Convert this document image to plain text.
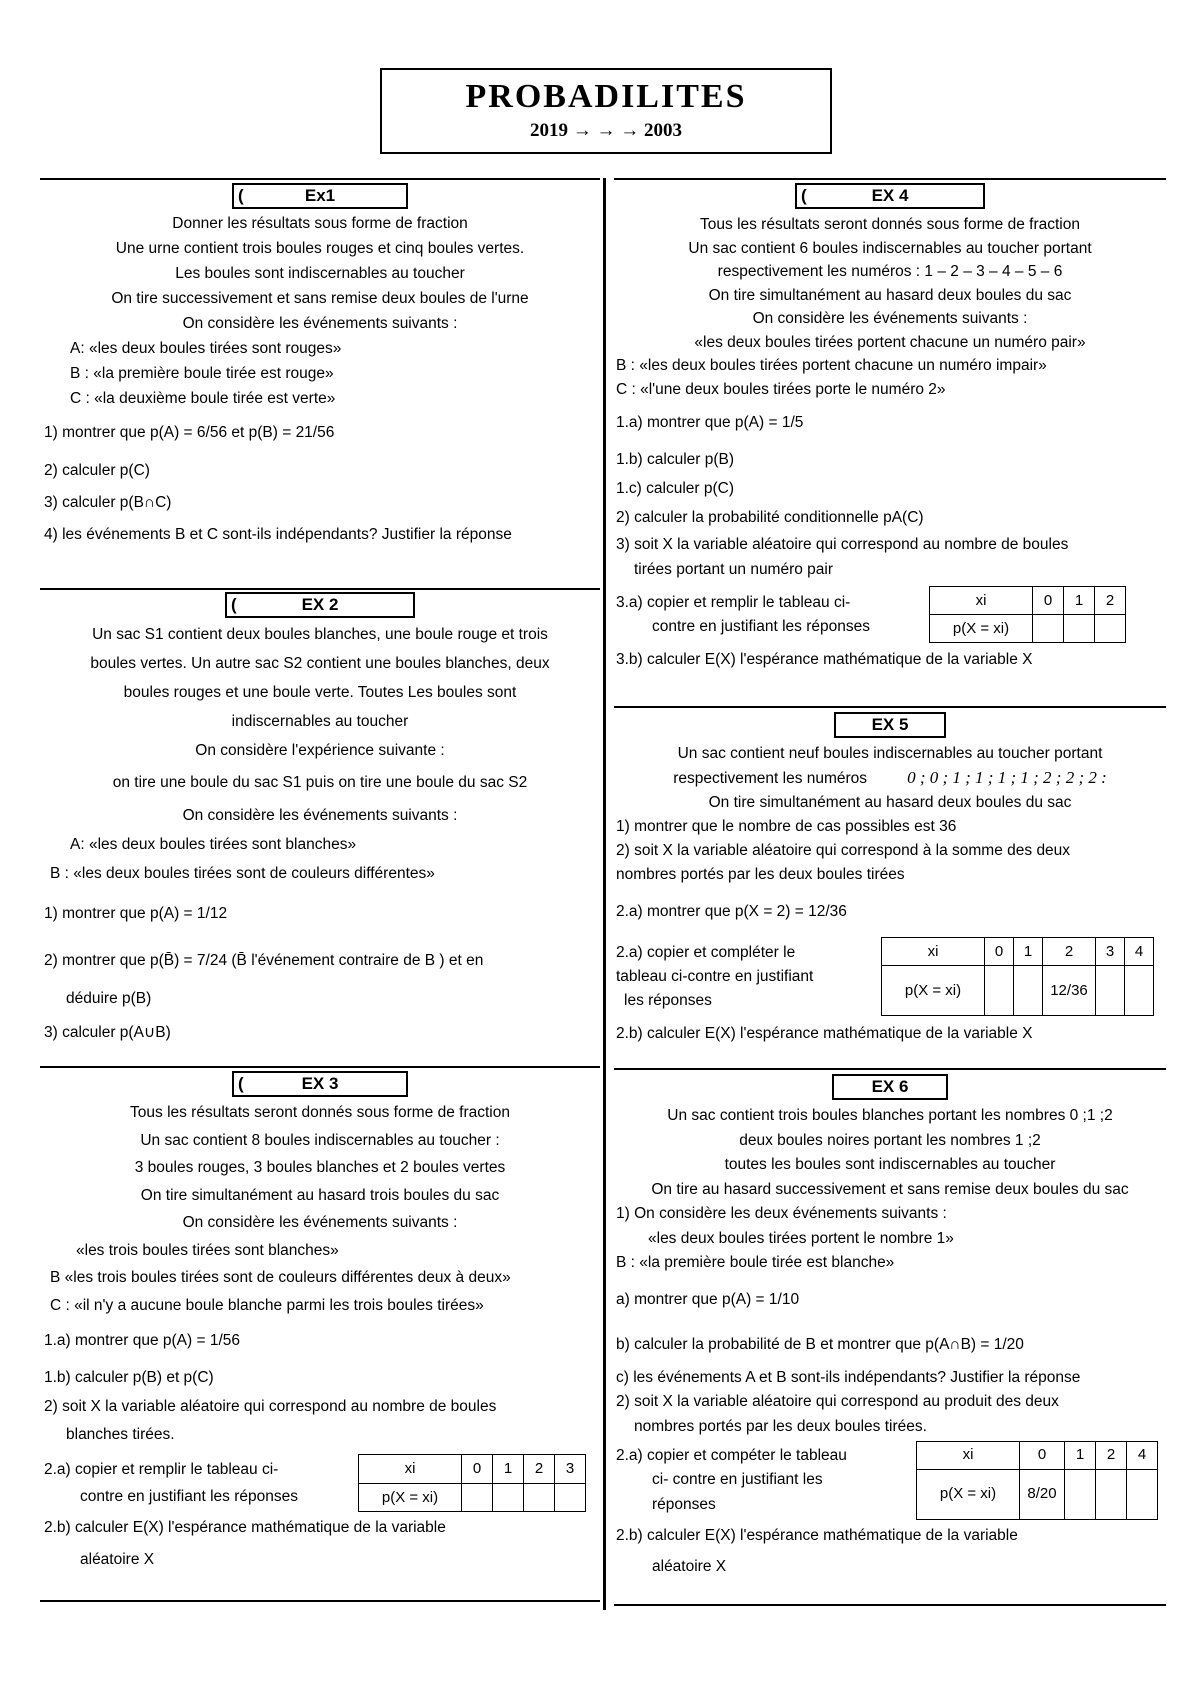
PROBADILITES
2019 → → → 2003
(	Ex1
Donner les résultats sous forme de fraction
Une urne contient trois boules rouges et cinq boules vertes.
Les boules sont indiscernables au toucher
On tire successivement et sans remise deux boules de l'urne
On considère les événements suivants :
A: «les deux boules tirées sont rouges»
B : «la première boule tirée est rouge»
C : «la deuxième boule tirée est verte»
1) montrer que p(A) = 6/56 et p(B) = 21/56
2) calculer p(C)
3) calculer p(B∩C)
4) les événements B et C sont-ils indépendants? Justifier la réponse
(	EX 2
Un sac S1 contient deux boules blanches, une boule rouge et trois
boules vertes. Un autre sac S2 contient une boules blanches, deux
boules rouges et une boule verte. Toutes Les boules sont
indiscernables au toucher
On considère l'expérience suivante :
on tire une boule du sac S1 puis on tire une boule du sac S2
On considère les événements suivants :
A: «les deux boules tirées sont blanches»
B : «les deux boules tirées sont de couleurs différentes»
1) montrer que p(A) = 1/12
2) montrer que p(B̄) = 7/24 (B̄ l'événement contraire de B ) et en
déduire p(B)
3) calculer p(A∪B)
(	EX 3
Tous les résultats seront donnés sous forme de fraction
Un sac contient 8 boules indiscernables au toucher :
3 boules rouges, 3 boules blanches et 2 boules vertes
On tire simultanément au hasard trois boules du sac
On considère les événements suivants :
«les trois boules tirées sont blanches»
B «les trois boules tirées sont de couleurs différentes deux à deux»
C : «il n'y a aucune boule blanche parmi les trois boules tirées»
1.a) montrer que p(A) = 1/56
1.b) calculer p(B) et p(C)
2) soit X la variable aléatoire qui correspond au nombre de boules
blanches tirées.
2.a) copier et remplir le tableau ci-
contre en justifiant les réponses
xi	0	1	2	3
p(X = xi)				
2.b) calculer E(X) l'espérance mathématique de la variable
aléatoire X
(	EX 4
Tous les résultats seront donnés sous forme de fraction
Un sac contient 6 boules indiscernables au toucher portant
respectivement les numéros : 1 – 2 – 3 – 4 – 5 – 6
On tire simultanément au hasard deux boules du sac
On considère les événements suivants :
«les deux boules tirées portent chacune un numéro pair»
B : «les deux boules tirées portent chacune un numéro impair»
C : «l'une deux boules tirées porte le numéro 2»
1.a) montrer que p(A) = 1/5
1.b) calculer p(B)
1.c) calculer p(C)
2) calculer la probabilité conditionnelle pA(C)
3) soit X la variable aléatoire qui correspond au nombre de boules
tirées portant un numéro pair
3.a) copier et remplir le tableau ci-
contre en justifiant les réponses
xi	0	1	2
p(X = xi)			
3.b) calculer E(X) l'espérance mathématique de la variable X
EX 5
Un sac contient neuf boules indiscernables au toucher portant
respectivement les numéros 0 ; 0 ; 1 ; 1 ; 1 ; 1 ; 2 ; 2 ; 2 :
On tire simultanément au hasard deux boules du sac
1) montrer que le nombre de cas possibles est 36
2) soit X la variable aléatoire qui correspond à la somme des deux
nombres portés par les deux boules tirées
2.a) montrer que p(X = 2) = 12/36
2.a) copier et compléter le
tableau ci-contre en justifiant
les réponses
xi	0	1	2	3	4
p(X = xi)			12/36		
2.b) calculer E(X) l'espérance mathématique de la variable X
EX 6
Un sac contient trois boules blanches portant les nombres 0 ;1 ;2
deux boules noires portant les nombres 1 ;2
toutes les boules sont indiscernables au toucher
On tire au hasard successivement et sans remise deux boules du sac
1) On considère les deux événements suivants :
«les deux boules tirées portent le nombre 1»
B : «la première boule tirée est blanche»
a) montrer que p(A) = 1/10
b) calculer la probabilité de B et montrer que p(A∩B) = 1/20
c) les événements A et B sont-ils indépendants? Justifier la réponse
2) soit X la variable aléatoire qui correspond au produit des deux
nombres portés par les deux boules tirées.
2.a) copier et compéter le tableau
ci- contre en justifiant les
réponses
xi	0	1	2	4
p(X = xi)	8/20			
2.b) calculer E(X) l'espérance mathématique de la variable
aléatoire X
